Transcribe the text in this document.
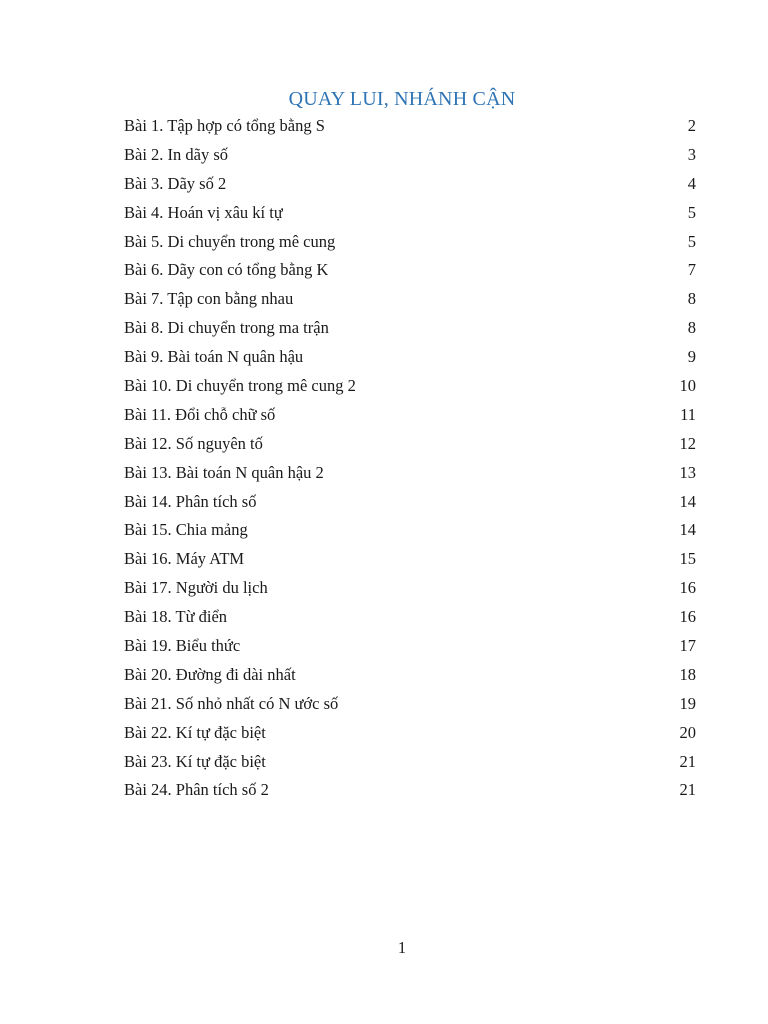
QUAY LUI, NHÁNH CẬN
Bài 1. Tập hợp có tổng bằng S	2
Bài 2. In dãy số	3
Bài 3. Dãy số 2	4
Bài 4. Hoán vị xâu kí tự	5
Bài 5. Di chuyển trong mê cung	5
Bài 6. Dãy con có tổng bằng K	7
Bài 7. Tập con bằng nhau	8
Bài 8. Di chuyển trong ma trận	8
Bài 9. Bài toán N quân hậu	9
Bài 10. Di chuyển trong mê cung 2	10
Bài 11. Đổi chỗ chữ số	11
Bài 12. Số nguyên tố	12
Bài 13. Bài toán N quân hậu 2	13
Bài 14. Phân tích số	14
Bài 15. Chia mảng	14
Bài 16. Máy ATM	15
Bài 17. Người du lịch	16
Bài 18. Từ điển	16
Bài 19. Biểu thức	17
Bài 20. Đường đi dài nhất	18
Bài 21. Số nhỏ nhất có N ước số	19
Bài 22. Kí tự đặc biệt	20
Bài 23. Kí tự đặc biệt	21
Bài 24. Phân tích số 2	21
1
